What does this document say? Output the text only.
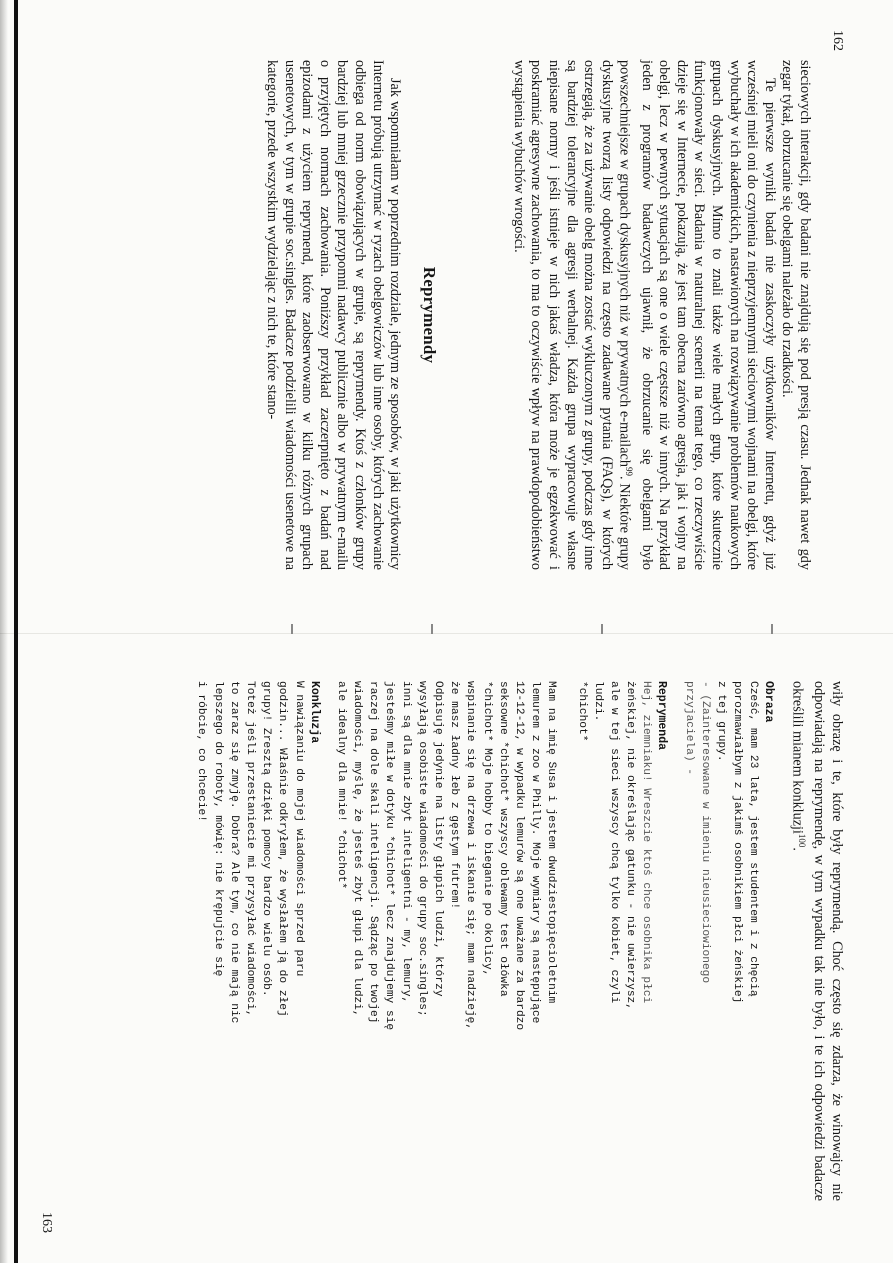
162

sieciowych interakcji, gdy badani nie znajdują się pod presją czasu. Jednak nawet gdy zegar tykał, obrzucanie się obelgami należało do rzadkości.

Te pierwsze wyniki badań nie zaskoczyły użytkowników Internetu, gdyż już wcześniej mieli oni do czynienia z nieprzyjemnymi sieciowymi wojnami na obelgi, które wybuchały w ich akademickich, nastawionych na rozwiązywanie problemów naukowych grupach dyskusyjnych. Mimo to znali także wiele małych grup, które skutecznie funkcjonowały w sieci. Badania w naturalnej scenerii na temat tego, co rzeczywiście dzieje się w Internecie, pokazują, że jest tam obecna zarówno agresja, jak i wojny na obelgi, lecz w pewnych sytuacjach są one o wiele częstsze niż w innych. Na przykład jeden z programów badawczych ujawnił, że obrzucanie się obelgami było powszechniejsze w grupach dyskusyjnych niż w prywatnych e-mailach$^{99}$. Niektóre grupy dyskusyjne tworzą listy odpowiedzi na często zadawane pytania (FAQs), w których ostrzegają, że za używanie obelg można zostać wykluczonym z grupy, podczas gdy inne są bardziej tolerancyjne dla agresji werbalnej. Każda grupa wypracowuje własne niepisane normy i jeśli istnieje w nich jakaś władza, która może je egzekwować i poskramiać agresywne zachowania, to ma to oczywiście wpływ na prawdopodobieństwo wystąpienia wybuchów wrogości.

Reprymendy

Jak wspomniałam w poprzednim rozdziale, jednym ze sposobów, w jaki użytkownicy Internetu próbują utrzymać w ryzach obelgowiczów lub inne osoby, których zachowanie odbiega od norm obowiązujących w grupie, są reprymendy. Ktoś z członków grupy bardziej lub mniej grzecznie przypomni nadawcy publicznie albo w prywatnym e-mailu o przyjętych normach zachowania. Poniższy przykład zaczerpnięto z badań nad epizodami z użyciem reprymend, które zaobserwowano w kilku różnych grupach usenetowych, w tym w grupie soc.singles. Badacze podzielili wiadomości usenetowe na kategorie, przede wszystkim wydzielając z nich te, które stano-

wiły obrazę i te, które były reprymendą. Choć często się zdarza, że winowajcy nie odpowiadają na reprymendę, w tym wypadku tak nie było, i te ich odpowiedzi badacze określili mianem konkluzji$^{100}$.

Obraza
Cześć, mam 23 lata, jestem studentem i z chęcią
porozmawiałbym z jakimś osobnikiem płci żeńskiej
z tej grupy.
- (Zainteresowane w imieniu nieusieciowionego
przyjaciela) -
Reprymenda
Hej, ziemniaku! Wreszcie ktoś chce osobnika płci
żeńskiej, nie określając gatunku - nie uwierzysz,
ale w tej sieci wszyscy chcą tylko kobiet, czyli
ludzi.
*chichot*
Mam na imię Susa i jestem dwudziestopięcioletnim
lemurem z zoo w Philly. Moje wymiary są następujące
12-12-12, w wypadku lemurów są one uważane za bardzo
seksowne *chichot* wszyscy oblewamy test ołówka
*chichot* Moje hobby to bieganie po okolicy,
wspinanie się na drzewa i iskanie się; mam nadzieję,
że masz ładny łeb z gęstym futrem!
Odpisuję jedynie na listy głupich ludzi, którzy
wysyłają osobiste wiadomości do grupy soc.singles;
inni są dla mnie zbyt inteligentni - my, lemury,
jesteśmy miłe w dotyku *chichot* lecz znajdujemy się
raczej na dole skali inteligencji. Sądząc po twojej
wiadomości, myślę, że jesteś zbyt głupi dla ludzi,
ale idealny dla mnie! *chichot*
Konkluzja
W nawiązaniu do mojej wiadomości sprzed paru
godzin... Właśnie odkryłem, że wysłałem ją do złej
grupy! Zresztą dzięki pomocy bardzo wielu osób.
Toteż jeśli przestaniecie mi przysyłać wiadomości,
to zaraz się zmyję. Dobra? Ale tym, co nie mają nic
lepszego do roboty, mówię: nie krępujcie się
i róbcie, co chcecie!
163
